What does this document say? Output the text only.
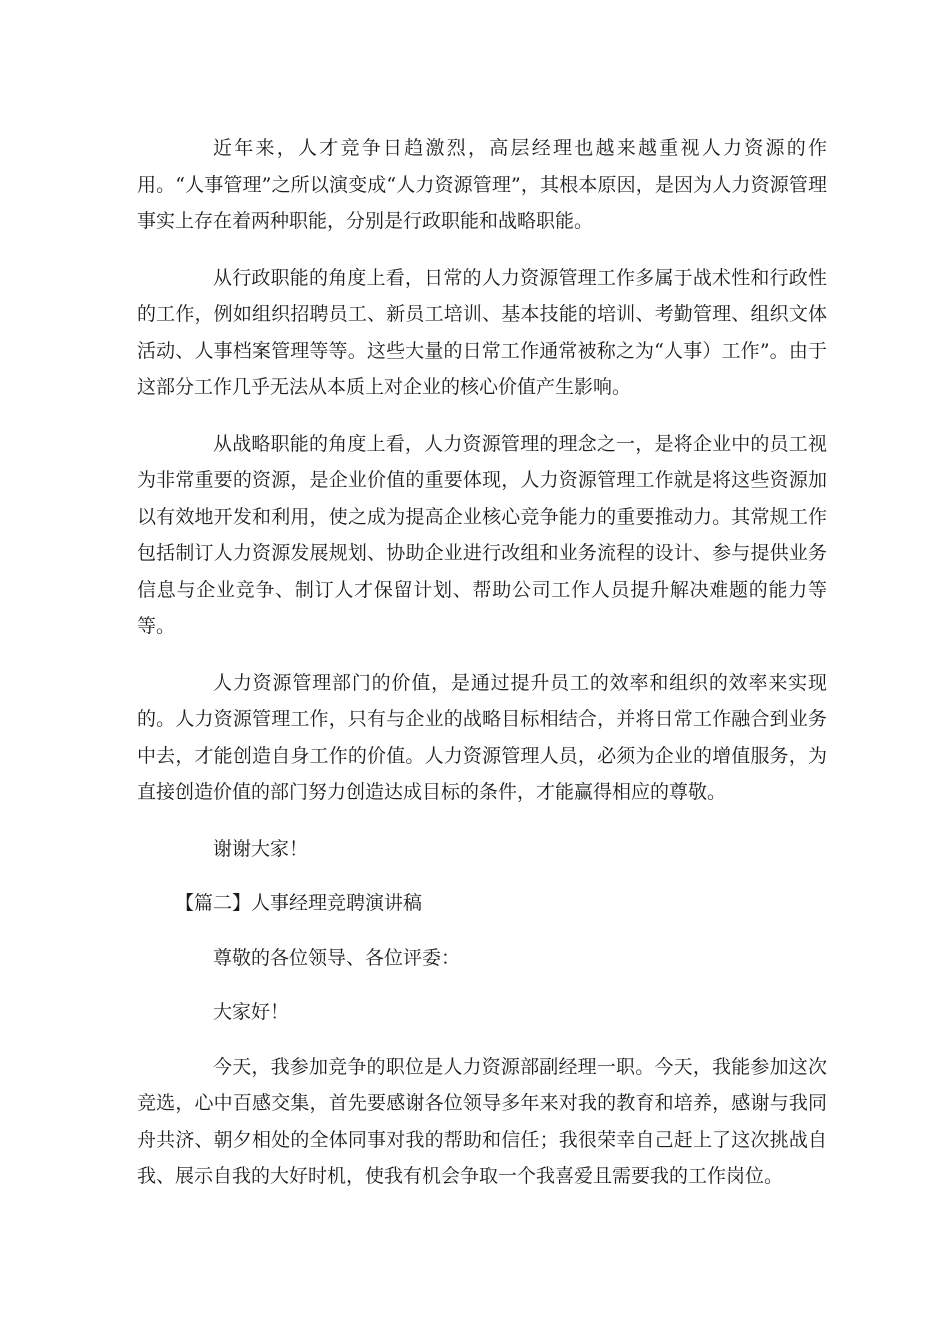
近年来，人才竞争日趋激烈，高层经理也越来越重视人力资源的作用。“人事管理”之所以演变成“人力资源管理”，其根本原因，是因为人力资源管理事实上存在着两种职能，分别是行政职能和战略职能。

从行政职能的角度上看，日常的人力资源管理工作多属于战术性和行政性的工作，例如组织招聘员工、新员工培训、基本技能的培训、考勤管理、组织文体活动、人事档案管理等等。这些大量的日常工作通常被称之为“人事）工作”。由于这部分工作几乎无法从本质上对企业的核心价值产生影响。

从战略职能的角度上看，人力资源管理的理念之一，是将企业中的员工视为非常重要的资源，是企业价值的重要体现，人力资源管理工作就是将这些资源加以有效地开发和利用，使之成为提高企业核心竞争能力的重要推动力。其常规工作包括制订人力资源发展规划、协助企业进行改组和业务流程的设计、参与提供业务信息与企业竞争、制订人才保留计划、帮助公司工作人员提升解决难题的能力等等。

人力资源管理部门的价值，是通过提升员工的效率和组织的效率来实现的。人力资源管理工作，只有与企业的战略目标相结合，并将日常工作融合到业务中去，才能创造自身工作的价值。人力资源管理人员，必须为企业的增值服务，为直接创造价值的部门努力创造达成目标的条件，才能赢得相应的尊敬。

谢谢大家！

【篇二】人事经理竞聘演讲稿

尊敬的各位领导、各位评委：

大家好！

今天，我参加竞争的职位是人力资源部副经理一职。今天，我能参加这次竞选，心中百感交集，首先要感谢各位领导多年来对我的教育和培养，感谢与我同舟共济、朝夕相处的全体同事对我的帮助和信任；我很荣幸自己赶上了这次挑战自我、展示自我的大好时机，使我有机会争取一个我喜爱且需要我的工作岗位。
